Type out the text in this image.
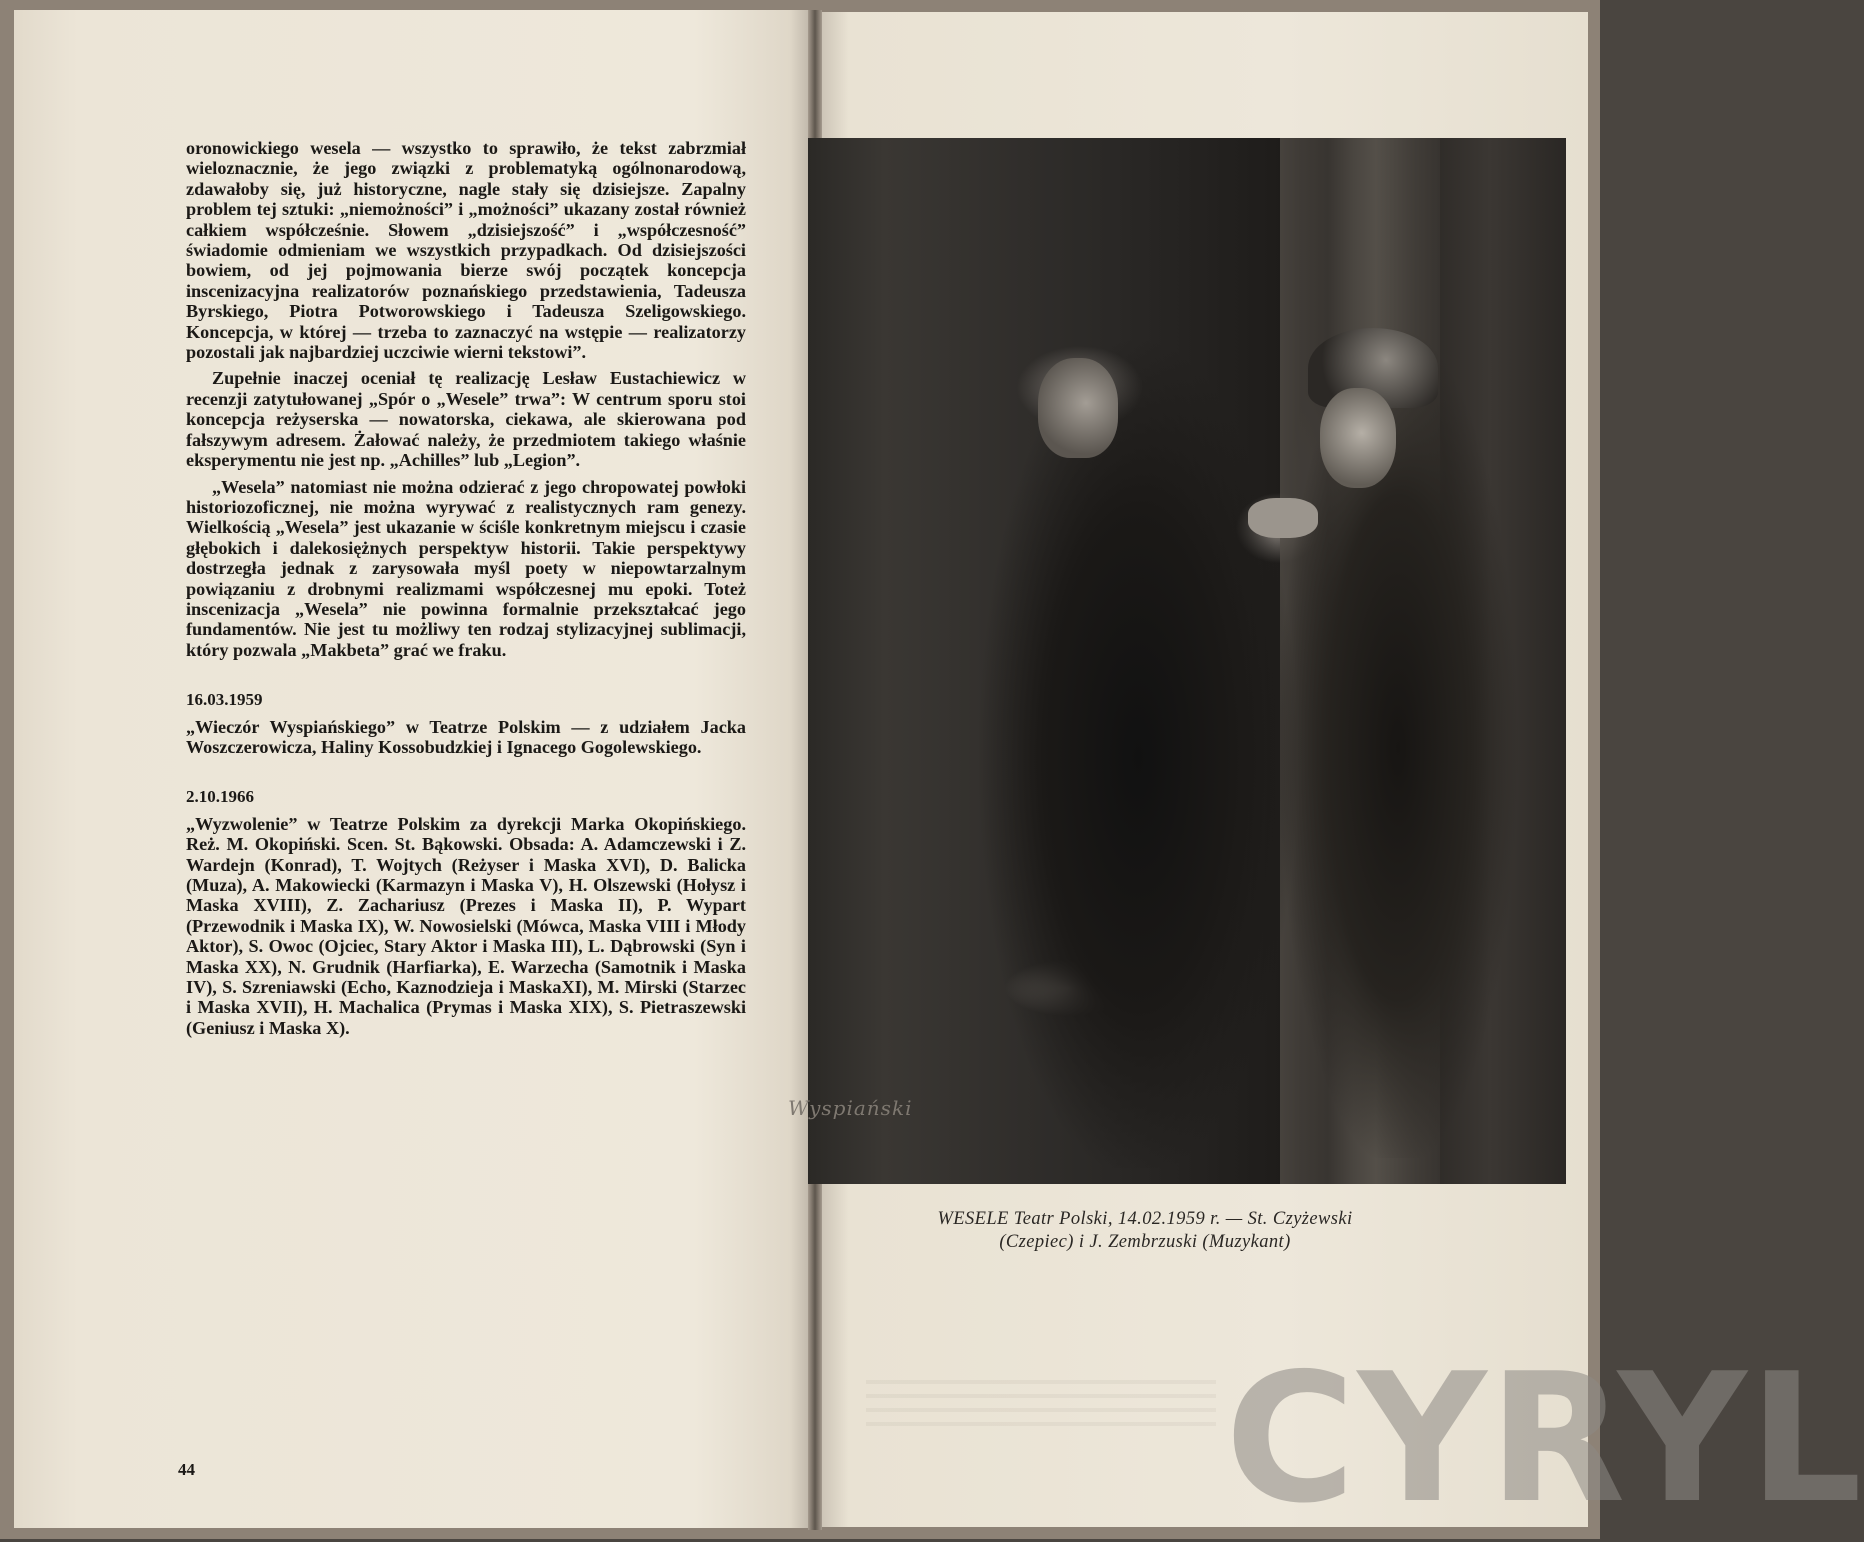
oronowickiego wesela — wszystko to sprawiło, że tekst zabrzmiał wieloznacznie, że jego związki z problematyką ogólnonarodową, zdawałoby się, już historyczne, nagle stały się dzisiejsze. Zapalny problem tej sztuki: „niemożności” i „możności” ukazany został również całkiem współcześnie. Słowem „dzisiejszość” i „współczesność” świadomie odmieniam we wszystkich przypadkach. Od dzisiejszości bowiem, od jej pojmowania bierze swój początek koncepcja inscenizacyjna realizatorów poznańskiego przedstawienia, Tadeusza Byrskiego, Piotra Potworowskiego i Tadeusza Szeligowskiego. Koncepcja, w której — trzeba to zaznaczyć na wstępie — realizatorzy pozostali jak najbardziej uczciwie wierni tekstowi”.

Zupełnie inaczej oceniał tę realizację Lesław Eustachiewicz w recenzji zatytułowanej „Spór o „Wesele” trwa”: W centrum sporu stoi koncepcja reżyserska — nowatorska, ciekawa, ale skierowana pod fałszywym adresem. Żałować należy, że przedmiotem takiego właśnie eksperymentu nie jest np. „Achilles” lub „Legion”.

„Wesela” natomiast nie można odzierać z jego chropowatej powłoki historiozoficznej, nie można wyrywać z realistycznych ram genezy. Wielkością „Wesela” jest ukazanie w ściśle konkretnym miejscu i czasie głębokich i dalekosiężnych perspektyw historii. Takie perspektywy dostrzegła jednak z zarysowała myśl poety w niepowtarzalnym powiązaniu z drobnymi realizmami współczesnej mu epoki. Toteż inscenizacja „Wesela” nie powinna formalnie przekształcać jego fundamentów. Nie jest tu możliwy ten rodzaj stylizacyjnej sublimacji, który pozwala „Makbeta” grać we fraku.

16.03.1959

„Wieczór Wyspiańskiego” w Teatrze Polskim — z udziałem Jacka Woszczerowicza, Haliny Kossobudzkiej i Ignacego Gogolewskiego.

2.10.1966

„Wyzwolenie” w Teatrze Polskim za dyrekcji Marka Okopińskiego. Reż. M. Okopiński. Scen. St. Bąkowski. Obsada: A. Adamczewski i Z. Wardejn (Konrad), T. Wojtych (Reżyser i Maska XVI), D. Balicka (Muza), A. Makowiecki (Karmazyn i Maska V), H. Olszewski (Hołysz i Maska XVIII), Z. Zachariusz (Prezes i Maska II), P. Wypart (Przewodnik i Maska IX), W. Nowosielski (Mówca, Maska VIII i Młody Aktor), S. Owoc (Ojciec, Stary Aktor i Maska III), L. Dąbrowski (Syn i Maska XX), N. Grudnik (Harfiarka), E. Warzecha (Samotnik i Maska IV), S. Szreniawski (Echo, Kaznodzieja i MaskaXI), M. Mirski (Starzec i Maska XVII), H. Machalica (Prymas i Maska XIX), S. Pietraszewski (Geniusz i Maska X).

44
Wyspiański
WESELE Teatr Polski, 14.02.1959 r. — St. Czyżewski
(Czepiec) i J. Zembrzuski (Muzykant)
CYRYL
